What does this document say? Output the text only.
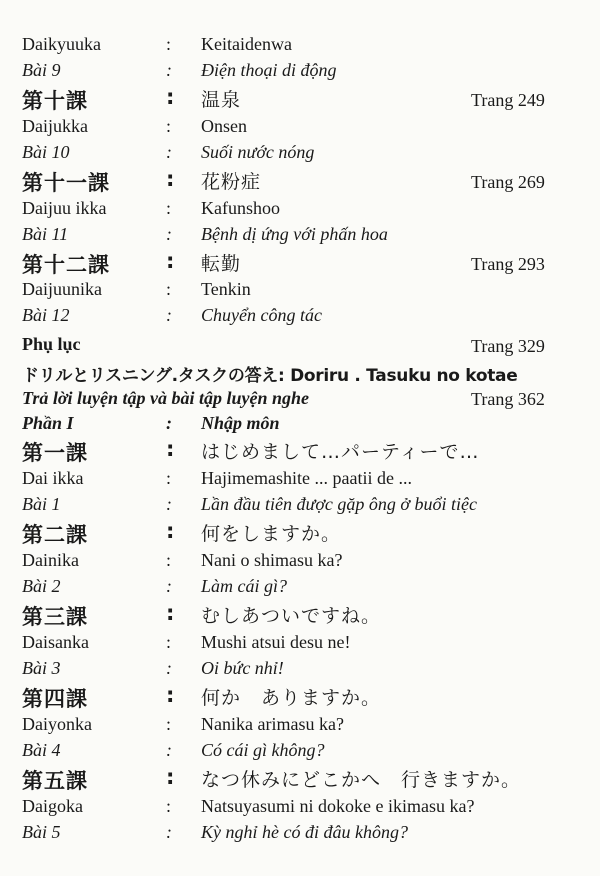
Daikyuuka	: Keitaidenwa
Bài 9	: Điện thoại di động
第十課	: 温泉	Trang 249
Daijukka	: Onsen
Bài 10	: Suối nước nóng
第十一課	: 花粉症	Trang 269
Daijuu ikka	: Kafunshoo
Bài 11	: Bệnh dị ứng với phấn hoa
第十二課	: 転勤	Trang 293
Daijuunika	: Tenkin
Bài 12	: Chuyển công tác
Phụ lục	Trang 329
ドリルとリスニング.タスクの答え: Doriru . Tasuku no kotae
Trả lời luyện tập và bài tập luyện nghe	Trang 362
Phần I	: Nhập môn
第一課	: はじめまして…パーティーで…
Dai ikka	: Hajimemashite ... paatii de ...
Bài 1	: Lần đầu tiên được gặp ông ở buổi tiệc
第二課	: 何をしますか。
Dainika	: Nani o shimasu ka?
Bài 2	: Làm cái gì?
第三課	: むしあついですね。
Daisanka	: Mushi atsui desu ne!
Bài 3	: Oi bức nhỉ!
第四課	: 何か　ありますか。
Daiyonka	: Nanika arimasu ka?
Bài 4	: Có cái gì không?
第五課	: なつ休みにどこかへ　行きますか。
Daigoka	: Natsuyasumi ni dokoke e ikimasu ka?
Bài 5	: Kỳ nghỉ hè có đi đâu không?
